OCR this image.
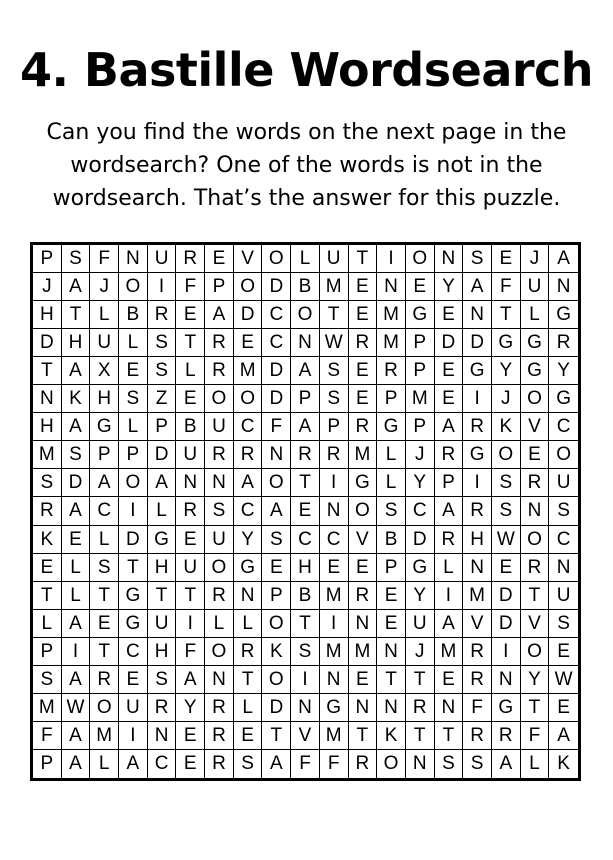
4. Bastille Wordsearch
Can you find the words on the next page in the wordsearch? One of the words is not in the wordsearch. That’s the answer for this puzzle.
P S F N U R E V O L U T	I O N S E J A
J A J O I	F P O D B M E N E Y A F U N
H T L B R E A D C O T E M G E N T L G
D H U L S T R E C N W R M P D D G G R
T A X E S L R M D A S E R P E G Y G Y
N K H S Z E O O D P S E P M E	I	J O G
H A G L P B U C F A P R G P A R K V C
M S P P D U R R N R R M L J R G O E O
S D A O A N N A O T	I G L Y P	I	S R U
R A C	I	L R S C A E N O S C A R S N S
K E L D G E U Y S C C V B D R H W O C
E L S T H U O G E H E E P G L N E R N
T L T G T T R N P B M R E Y	I M D T U
L A E G U	I	L L O T	I	N E U A V D V S
P	I	T C H F O R K S M M N J M R	I O E
S A R E S A N T O I	N E T T E R N Y W
M W O U R Y R L D N G N N R N F G T E
F A M I	N E R E T V M T K T T R R F A
P A L A C E R S A F F R O N S S A L K
